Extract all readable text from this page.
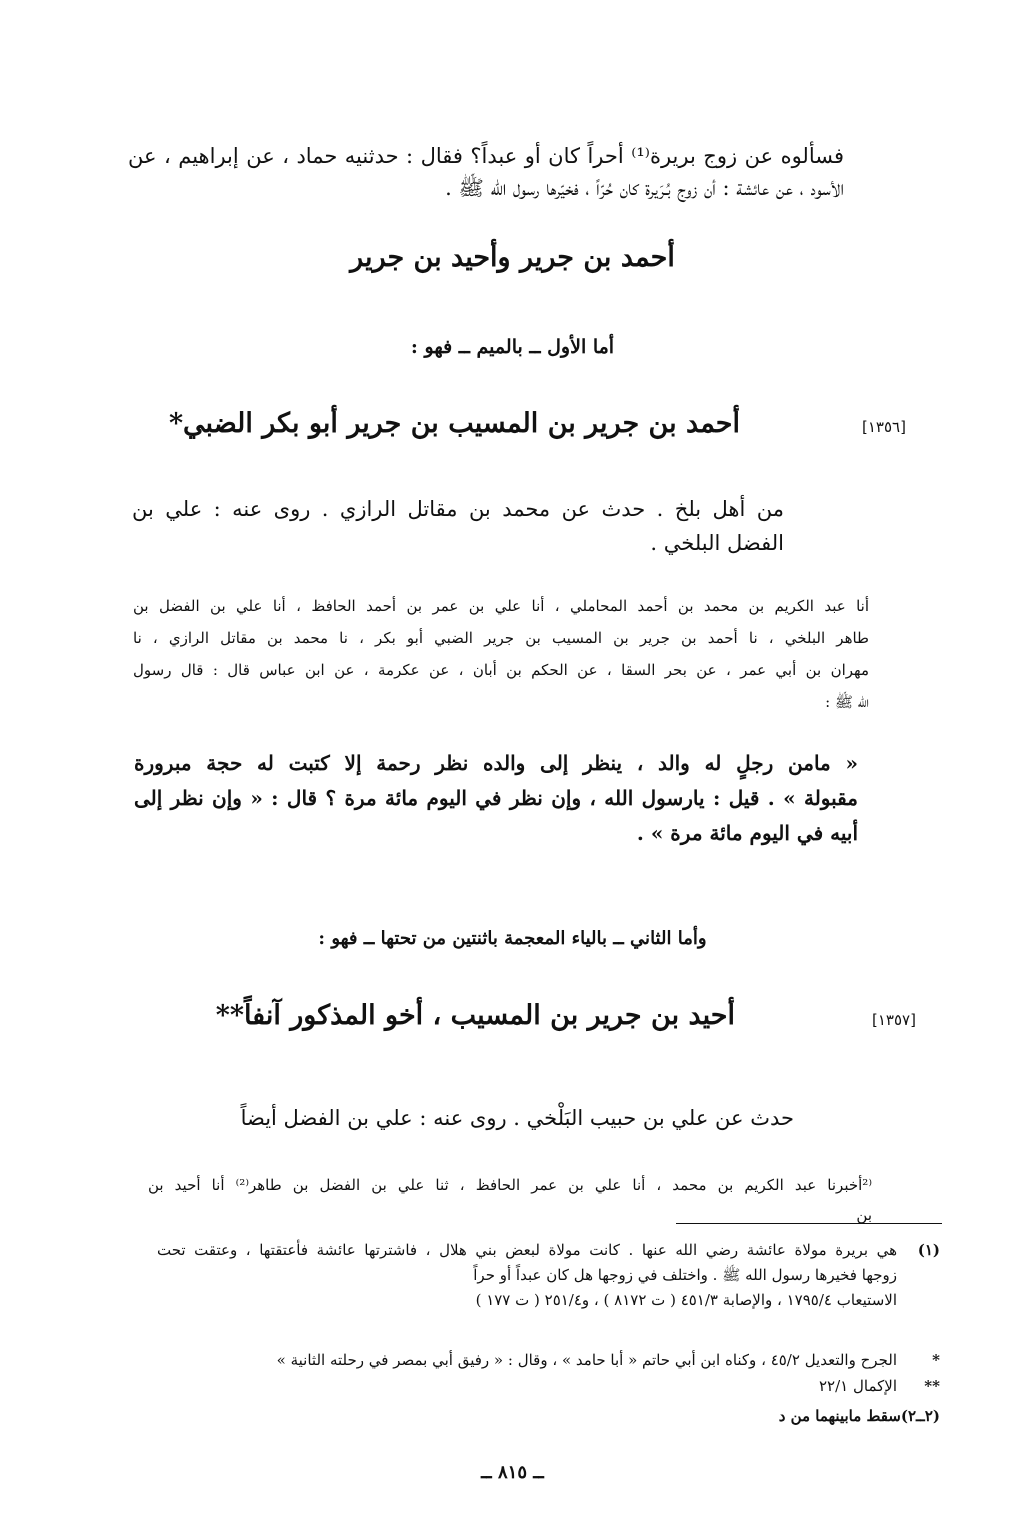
فسألوه عن زوج بريرة⁽¹⁾ أحراً كان أو عبداً؟ فقال : حدثنيه حماد ، عن إبراهيم ، عن

الأسود ، عن عائشة : أن زوج بُـرَيرة كان حُرّاً ، فخيّرها رسول الله ﷺ .

أحمد بن جرير وأحيد بن جرير
أما الأول ــ بالميم ــ فهو :
[١٣٥٦]
أحمد بن جرير بن المسيب بن جرير أبو بكر الضبي*

من أهل بلخ . حدث عن محمد بن مقاتل الرازي . روى عنه : علي بن

الفضل البلخي .

أنا عبد الكريم بن محمد بن أحمد المحاملي ، أنا علي بن عمر بن أحمد الحافظ ، أنا علي بن الفضل بن

طاهر البلخي ، نا أحمد بن جرير بن المسيب بن جرير الضبي أبو بكر ، نا محمد بن مقاتل الرازي ، نا

مهران بن أبي عمر ، عن بحر السقا ، عن الحكم بن أبان ، عن عكرمة ، عن ابن عباس قال : قال رسول

الله ﷺ :

« مامن رجلٍ له والد ، ينظر إلى والده نظر رحمة إلا كتبت له حجة مبرورة

مقبولة » . قيل : يارسول الله ، وإن نظر في اليوم مائة مرة ؟ قال : « وإن نظر إلى

أبيه في اليوم مائة مرة » .

وأما الثاني ــ بالياء المعجمة باثنتين من تحتها ــ فهو :
[١٣٥٧]
أحيد بن جرير بن المسيب ، أخو المذكور آنفاً**
حدث عن علي بن حبيب البَلْخي . روى عنه : علي بن الفضل أيضاً

⁽²أخبرنا عبد الكريم بن محمد ، أنا علي بن عمر الحافظ ، ثنا علي بن الفضل بن طاهر⁽²⁾ أنا أحيد بن

بن

(١)

هي بريرة مولاة عائشة رضي الله عنها . كانت مولاة لبعض بني هلال ، فاشترتها عائشة فأعتقتها ، وعتقت تحت

زوجها فخيرها رسول الله ﷺ . واختلف في زوجها هل كان عبداً أو حراً

الاستيعاب ١٧٩٥/٤ ، والإصابة ٤٥١/٣ ( ت ٨١٧٢ ) ، و٢٥١/٤ ( ت ١٧٧ )

*
الجرح والتعديل ٤٥/٢ ، وكناه ابن أبي حاتم « أبا حامد » ، وقال : « رفيق أبي بمصر في رحلته الثانية »
**
الإكمال ٢٢/١
(٢ــ٢)سقط مابينهما من د
ــ ٨١٥ ــ
